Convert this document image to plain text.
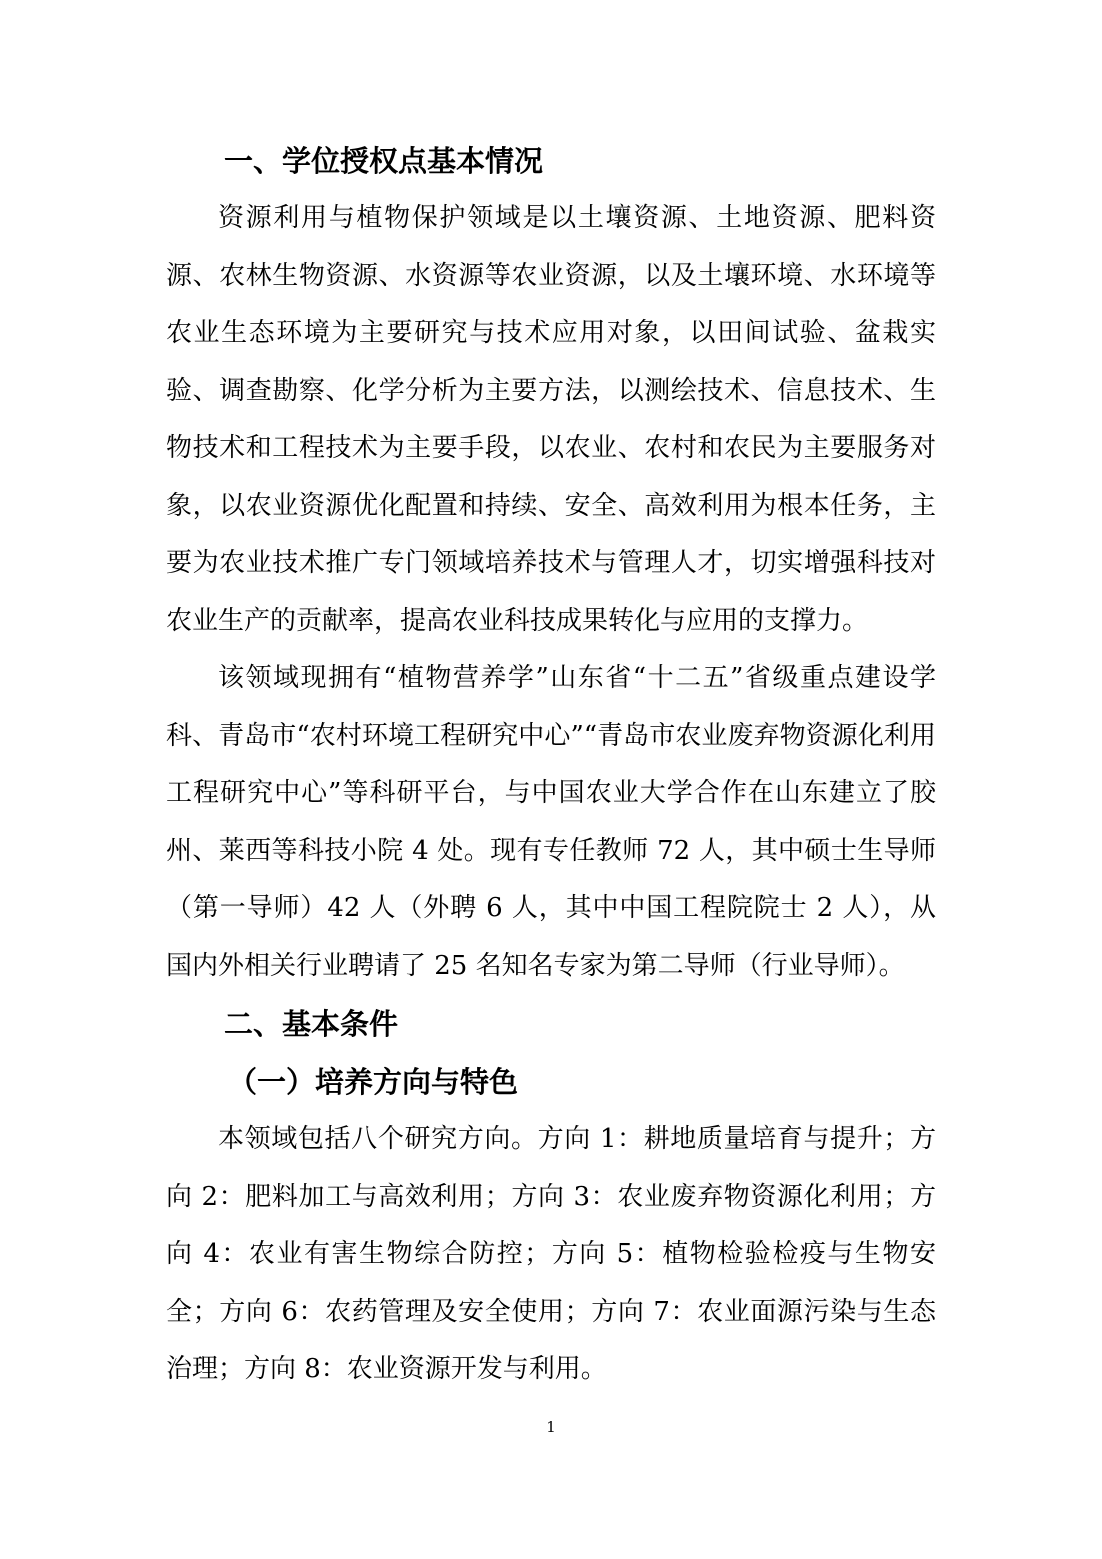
一、学位授权点基本情况

资源利用与植物保护领域是以土壤资源、土地资源、肥料资源、农林生物资源、水资源等农业资源，以及土壤环境、水环境等农业生态环境为主要研究与技术应用对象，以田间试验、盆栽实验、调查勘察、化学分析为主要方法，以测绘技术、信息技术、生物技术和工程技术为主要手段，以农业、农村和农民为主要服务对象，以农业资源优化配置和持续、安全、高效利用为根本任务，主要为农业技术推广专门领域培养技术与管理人才，切实增强科技对农业生产的贡献率，提高农业科技成果转化与应用的支撑力。

该领域现拥有“植物营养学”山东省“十二五”省级重点建设学科、青岛市“农村环境工程研究中心”“青岛市农业废弃物资源化利用工程研究中心”等科研平台，与中国农业大学合作在山东建立了胶州、莱西等科技小院 4 处。现有专任教师 72 人，其中硕士生导师（第一导师）42 人（外聘 6 人，其中中国工程院院士 2 人），从国内外相关行业聘请了 25 名知名专家为第二导师（行业导师）。

二、基本条件
（一）培养方向与特色

本领域包括八个研究方向。方向 1：耕地质量培育与提升；方向 2：肥料加工与高效利用；方向 3：农业废弃物资源化利用；方向 4：农业有害生物综合防控；方向 5：植物检验检疫与生物安全；方向 6：农药管理及安全使用；方向 7：农业面源污染与生态治理；方向 8：农业资源开发与利用。

1
